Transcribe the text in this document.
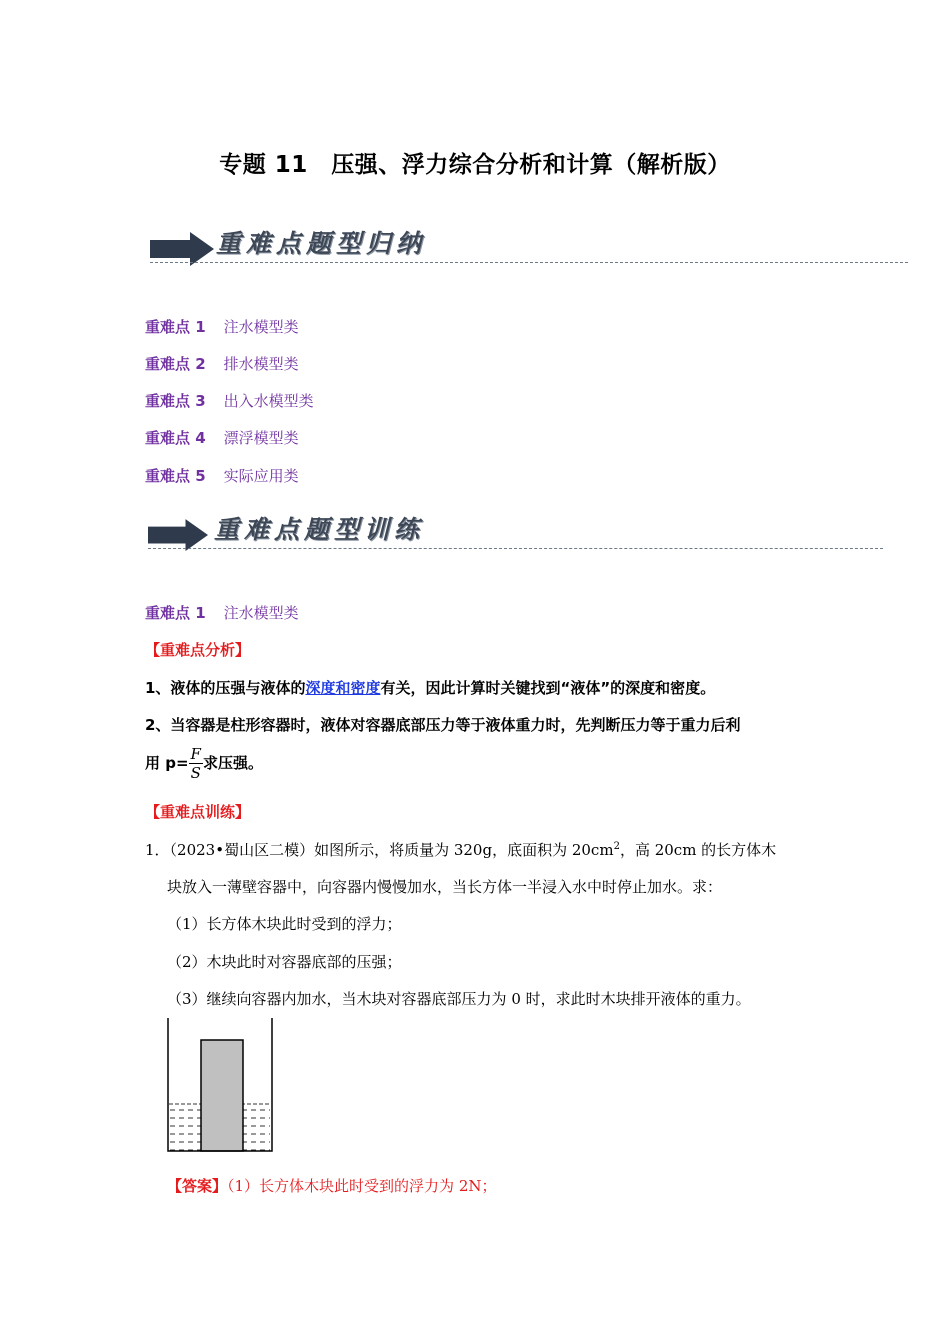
专题 11　压强、浮力综合分析和计算（解析版）
重难点题型归纳
重难点 1 注水模型类
重难点 2 排水模型类
重难点 3 出入水模型类
重难点 4 漂浮模型类
重难点 5 实际应用类
重难点题型训练
重难点 1 注水模型类
【重难点分析】
1、液体的压强与液体的深度和密度有关，因此计算时关键找到“液体”的深度和密度。
2、当容器是柱形容器时，液体对容器底部压力等于液体重力时，先判断压力等于重力后利
用 $p= \frac{F}{S}$ 求压强。
【重难点训练】
1．（2023•蜀山区二模）如图所示，将质量为 320g，底面积为 $20cm^2$，高 20cm 的长方体木
块放入一薄壁容器中，向容器内慢慢加水，当长方体一半浸入水中时停止加水。求：
（1）长方体木块此时受到的浮力；
（2）木块此时对容器底部的压强；
（3）继续向容器内加水，当木块对容器底部压力为 0 时，求此时木块排开液体的重力。
【答案】（1）长方体木块此时受到的浮力为 2N；
